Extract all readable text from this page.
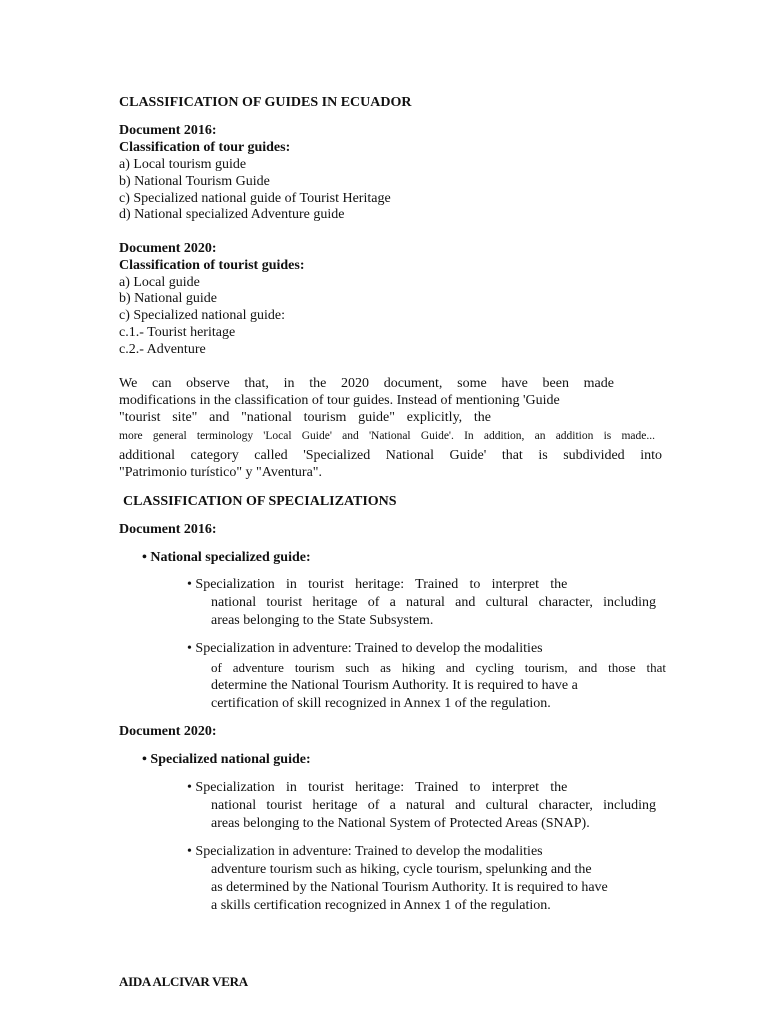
CLASSIFICATION OF GUIDES IN ECUADOR
Document 2016:
Classification of tour guides:
a) Local tourism guide
b) National Tourism Guide
c) Specialized national guide of Tourist Heritage
d) National specialized Adventure guide
Document 2020:
Classification of tourist guides:
a) Local guide
b) National guide
c) Specialized national guide:
c.1.- Tourist heritage
c.2.- Adventure
We can observe that, in the 2020 document, some have been made
modifications in the classification of tour guides. Instead of mentioning 'Guide
"tourist site" and "national tourism guide" explicitly, the
more general terminology 'Local Guide' and 'National Guide'. In addition, an addition is made...
additional category called 'Specialized National Guide' that is subdivided into
"Patrimonio turístico" y "Aventura".
CLASSIFICATION OF SPECIALIZATIONS
Document 2016:
• National specialized guide:
• Specialization in tourist heritage: Trained to interpret the
national tourist heritage of a natural and cultural character, including
areas belonging to the State Subsystem.
• Specialization in adventure: Trained to develop the modalities
of adventure tourism such as hiking and cycling tourism, and those that
determine the National Tourism Authority. It is required to have a
certification of skill recognized in Annex 1 of the regulation.
Document 2020:
• Specialized national guide:
• Specialization in tourist heritage: Trained to interpret the
national tourist heritage of a natural and cultural character, including
areas belonging to the National System of Protected Areas (SNAP).
• Specialization in adventure: Trained to develop the modalities
adventure tourism such as hiking, cycle tourism, spelunking and the
as determined by the National Tourism Authority. It is required to have
a skills certification recognized in Annex 1 of the regulation.
AIDA ALCIVAR VERA
